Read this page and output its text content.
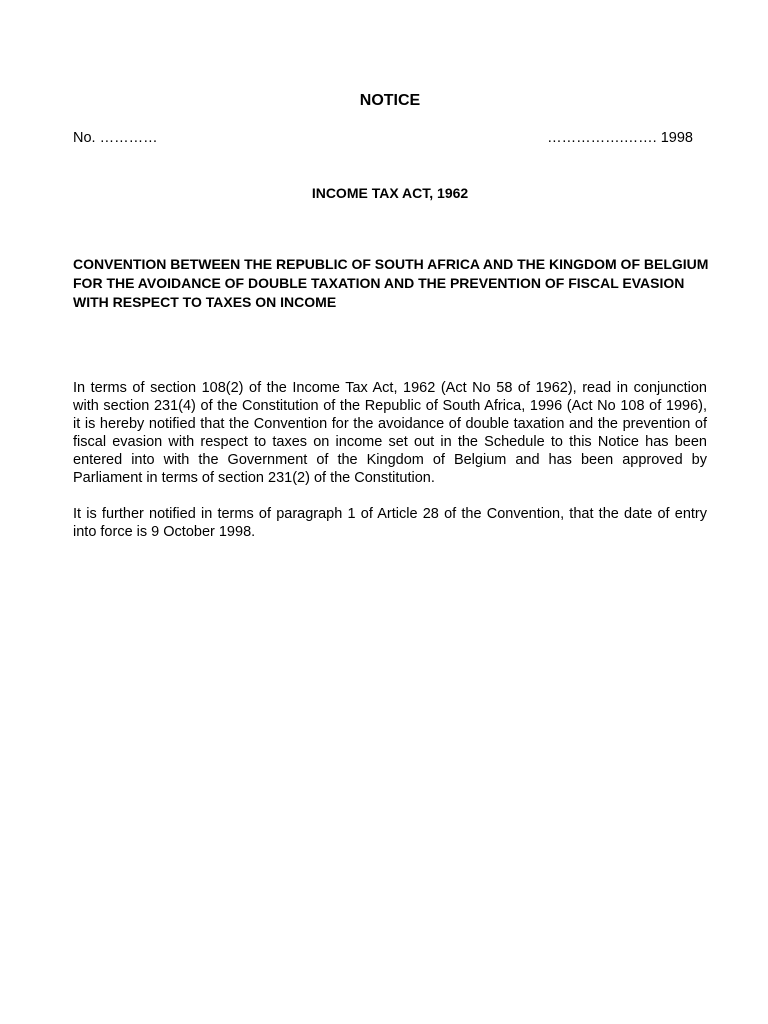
NOTICE
No. …………	…………….……. 1998
INCOME TAX ACT, 1962
CONVENTION BETWEEN THE REPUBLIC OF SOUTH AFRICA AND THE KINGDOM OF BELGIUM FOR THE AVOIDANCE OF DOUBLE TAXATION AND THE PREVENTION OF FISCAL EVASION WITH RESPECT TO TAXES ON INCOME

In terms of section 108(2) of the Income Tax Act, 1962 (Act No 58 of 1962), read in conjunction with section 231(4) of the Constitution of the Republic of South Africa, 1996 (Act No 108 of 1996), it is hereby notified that the Convention for the avoidance of double taxation and the prevention of fiscal evasion with respect to taxes on income set out in the Schedule to this Notice has been entered into with the Government of the Kingdom of Belgium and has been approved by Parliament in terms of section 231(2) of the Constitution.

It is further notified in terms of paragraph 1 of Article 28 of the Convention, that the date of entry into force is 9 October 1998.
